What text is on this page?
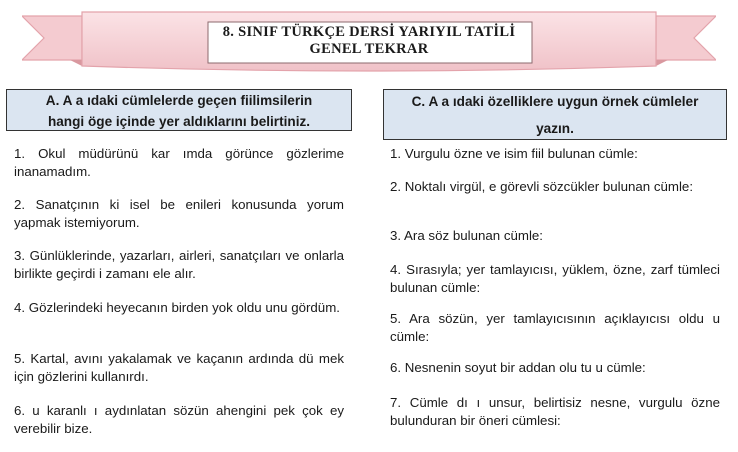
8. SINIF TÜRKÇE DERSİ YARIYIL TATİLİ
GENEL TEKRAR
A. A a ıdaki cümlelerde geçen fiilimsilerin
hangi öge içinde yer aldıklarını belirtiniz.
C. A a ıdaki özelliklere uygun örnek cümleler
yazın.
1. Okul müdürünü kar ımda görünce gözlerime inanamadım.
2. Sanatçının ki isel be enileri konusunda yorum yapmak istemiyorum.
3. Günlüklerinde, yazarları, airleri, sanatçıları ve onlarla birlikte geçirdi i zamanı ele alır.
4. Gözlerindeki heyecanın birden yok oldu unu gördüm.
5. Kartal, avını yakalamak ve kaçanın ardında dü mek için gözlerini kullanırdı.
6. u karanlı ı aydınlatan sözün ahengini pek çok ey verebilir bize.
1. Vurgulu özne ve isim fiil bulunan cümle:
2. Noktalı virgül, e görevli sözcükler bulunan cümle:
3. Ara söz bulunan cümle:
4. Sırasıyla; yer tamlayıcısı, yüklem, özne, zarf tümleci bulunan cümle:
5. Ara sözün, yer tamlayıcısının açıklayıcısı oldu u cümle:
6. Nesnenin soyut bir addan olu tu u cümle:
7. Cümle dı ı unsur, belirtisiz nesne, vurgulu özne bulunduran bir öneri cümlesi:
